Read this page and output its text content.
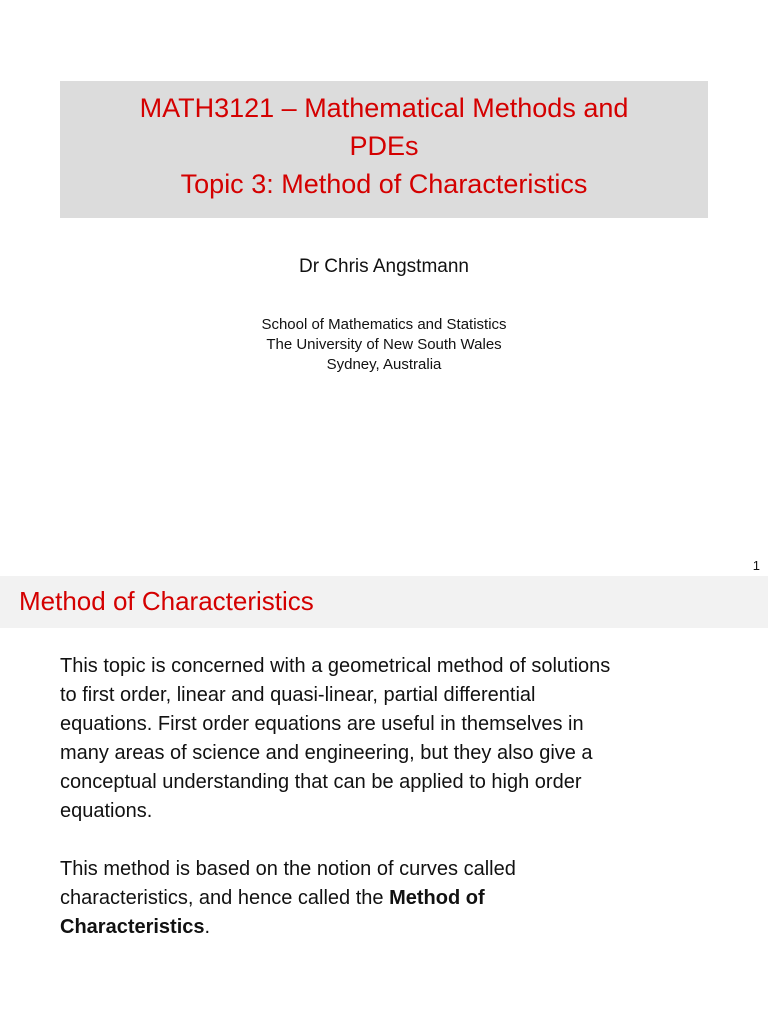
MATH3121 – Mathematical Methods and
PDEs
Topic 3: Method of Characteristics
Dr Chris Angstmann
School of Mathematics and Statistics
The University of New South Wales
Sydney, Australia
1
Method of Characteristics
This topic is concerned with a geometrical method of solutions
to first order, linear and quasi-linear, partial differential
equations. First order equations are useful in themselves in
many areas of science and engineering, but they also give a
conceptual understanding that can be applied to high order
equations.
This method is based on the notion of curves called
characteristics, and hence called the Method of
Characteristics.
